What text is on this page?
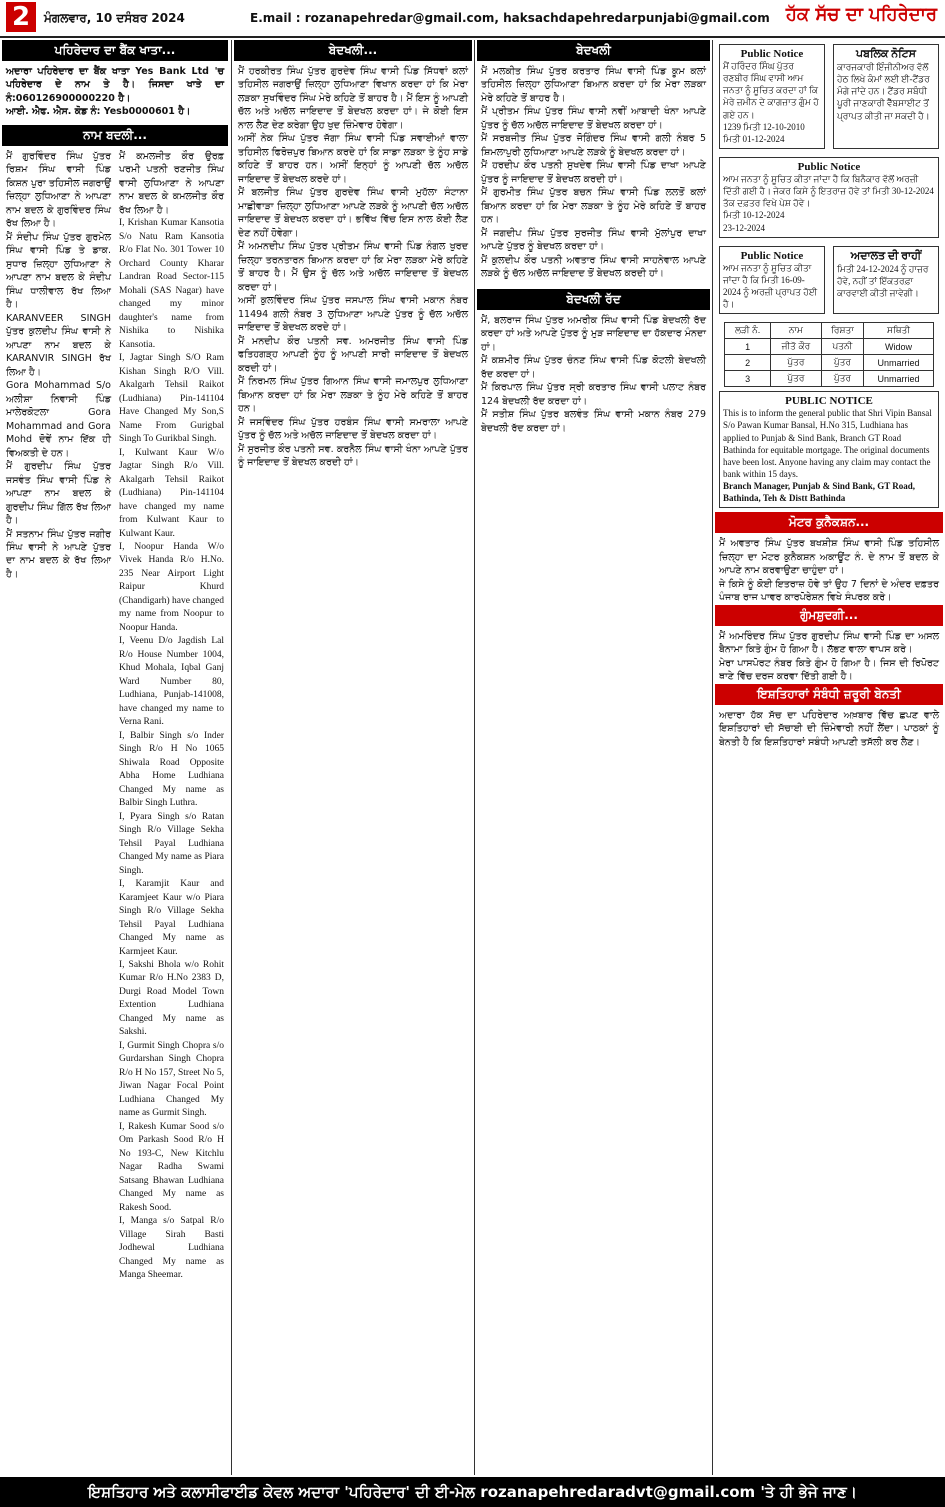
2	ਮੰਗਲਵਾਰ, 10 ਦਸੰਬਰ 2024	E.mail : rozanapehredar@gmail.com, haksachdapehredarpunjabi@gmail.com ਹੱਕ ਸੱਚ ਦਾ ਪਹਿਰੇਦਾਰ
ਪਹਿਰੇਦਾਰ ਦਾ ਬੈਂਕ ਖਾਤਾ...
ਅਦਾਰਾ ਪਹਿਰੇਦਾਰ ਦਾ ਬੈਂਕ ਖਾਤਾ Yes Bank Ltd 'ਚ ਪਹਿਰੇਦਾਰ ਦੇ ਨਾਮ ਤੇ ਹੈ। ਜਿਸਦਾ ਖਾਤੇ ਦਾ ਨੰ:060126900000220 ਹੈ।
ਆਈ. ਐਫ. ਐਸ. ਕੋਡ ਨੰ: Yesb0000601 ਹੈ।
ਨਾਮ ਬਦਲੀ...

ਮੈਂ ਗੁਰਵਿੰਦਰ ਸਿੰਘ ਪੁੱਤਰ ਰਿਸ਼ਮ ਸਿੰਘ ਵਾਸੀ ਪਿੰਡ ਕਿਸ਼ਨ ਪੁਰਾ ਤਹਿਸੀਲ ਜਗਰਾਉਂ ਜ਼ਿਲ੍ਹਾ ਲੁਧਿਆਣਾ ਨੇ ਆਪਣਾ ਨਾਮ ਬਦਲ ਕੇ ਗੁਰਵਿੰਦਰ ਸਿੰਘ ਰੱਖ ਲਿਆ ਹੈ।

ਮੈਂ ਸੰਦੀਪ ਸਿੰਘ ਪੁੱਤਰ ਗੁਰਮੇਲ ਸਿੰਘ ਵਾਸੀ ਪਿੰਡ ਤੇ ਡਾਕ. ਸੁਧਾਰ ਜ਼ਿਲ੍ਹਾ ਲੁਧਿਆਣਾ ਨੇ ਆਪਣਾ ਨਾਮ ਬਦਲ ਕੇ ਸੰਦੀਪ ਸਿੰਘ ਧਾਲੀਵਾਲ ਰੱਖ ਲਿਆ ਹੈ।

KARANVEER SINGH ਪੁੱਤਰ ਕੁਲਦੀਪ ਸਿੰਘ ਵਾਸੀ ਨੇ ਆਪਣਾ ਨਾਮ ਬਦਲ ਕੇ KARANVIR SINGH ਰੱਖ ਲਿਆ ਹੈ।

Gora Mohammad S/o ਅਲੀਸ਼ਾ ਨਿਵਾਸੀ ਪਿੰਡ ਮਾਲੇਰਕੋਟਲਾ Gora Mohammad and Gora Mohd ਦੋਵੇਂ ਨਾਮ ਇੱਕ ਹੀ ਵਿਅਕਤੀ ਦੇ ਹਨ।

ਮੈਂ ਗੁਰਦੀਪ ਸਿੰਘ ਪੁੱਤਰ ਜਸਵੰਤ ਸਿੰਘ ਵਾਸੀ ਪਿੰਡ ਨੇ ਆਪਣਾ ਨਾਮ ਬਦਲ ਕੇ ਗੁਰਦੀਪ ਸਿੰਘ ਗਿੱਲ ਰੱਖ ਲਿਆ ਹੈ।

ਮੈਂ ਸਤਨਾਮ ਸਿੰਘ ਪੁੱਤਰ ਜਗੀਰ ਸਿੰਘ ਵਾਸੀ ਨੇ ਆਪਣੇ ਪੁੱਤਰ ਦਾ ਨਾਮ ਬਦਲ ਕੇ ਰੱਖ ਲਿਆ ਹੈ।

ਮੈਂ ਕਮਲਜੀਤ ਕੌਰ ਉਰਫ਼ ਪਰਮੀ ਪਤਨੀ ਰਣਜੀਤ ਸਿੰਘ ਵਾਸੀ ਲੁਧਿਆਣਾ ਨੇ ਆਪਣਾ ਨਾਮ ਬਦਲ ਕੇ ਕਮਲਜੀਤ ਕੌਰ ਰੱਖ ਲਿਆ ਹੈ।

I, Krishan Kumar Kansotia S/o Natu Ram Kansotia R/o Flat No. 301 Tower 10 Orchard County Kharar Landran Road Sector-115 Mohali (SAS Nagar) have changed my minor daughter's name from Nishika to Nishika Kansotia.

I, Jagtar Singh S/O Ram Kishan Singh R/O Vill. Akalgarh Tehsil Raikot (Ludhiana) Pin-141104 Have Changed My Son,S Name From Gurigbal Singh To Gurikbal Singh.

I, Kulwant Kaur W/o Jagtar Singh R/o Vill. Akalgarh Tehsil Raikot (Ludhiana) Pin-141104 have changed my name from Kulwant Kaur to Kulwant Kaur.

I, Noopur Handa W/o Vivek Handa R/o H.No. 235 Near Airport Light Raipur Khurd (Chandigarh) have changed my name from Noopur to Noopur Handa.

I, Veenu D/o Jagdish Lal R/o House Number 1004, Khud Mohala, Iqbal Ganj Ward Number 80, Ludhiana, Punjab-141008, have changed my name to Verna Rani.

I, Balbir Singh s/o Inder Singh R/o H No 1065 Shiwala Road Opposite Abha Home Ludhiana Changed My name as Balbir Singh Luthra.

I, Pyara Singh s/o Ratan Singh R/o Village Sekha Tehsil Payal Ludhiana Changed My name as Piara Singh.

I, Karamjit Kaur and Karamjeet Kaur w/o Piara Singh R/o Village Sekha Tehsil Payal Ludhiana Changed My name as Karmjeet Kaur.

I, Sakshi Bhola w/o Rohit Kumar R/o H.No 2383 D, Durgi Road Model Town Extention Ludhiana Changed My name as Sakshi.

I, Gurmit Singh Chopra s/o Gurdarshan Singh Chopra R/o H No 157, Street No 5, Jiwan Nagar Focal Point Ludhiana Changed My name as Gurmit Singh.

I, Rakesh Kumar Sood s/o Om Parkash Sood R/o H No 193-C, New Kitchlu Nagar Radha Swami Satsang Bhawan Ludhiana Changed My name as Rakesh Sood.

I, Manga s/o Satpal R/o Village Sirah Basti Jodhewal Ludhiana Changed My name as Manga Sheemar.

ਬੇਦਖਲੀ...

ਮੈਂ ਹਰਕੀਰਤ ਸਿੰਘ ਪੁੱਤਰ ਗੁਰਦੇਵ ਸਿੰਘ ਵਾਸੀ ਪਿੰਡ ਸਿੱਧਵਾਂ ਕਲਾਂ ਤਹਿਸੀਲ ਜਗਰਾਉਂ ਜ਼ਿਲ੍ਹਾ ਲੁਧਿਆਣਾ ਵਿਖਾਨ ਕਰਦਾ ਹਾਂ ਕਿ ਮੇਰਾ ਲੜਕਾ ਸੁਖਵਿੰਦਰ ਸਿੰਘ ਮੇਰੇ ਕਹਿਣੇ ਤੋਂ ਬਾਹਰ ਹੈ। ਮੈਂ ਇਸ ਨੂੰ ਆਪਣੀ ਚੱਲ ਅਤੇ ਅਚੱਲ ਜਾਇਦਾਦ ਤੋਂ ਬੇਦਖਲ ਕਰਦਾ ਹਾਂ। ਜੇ ਕੋਈ ਇਸ ਨਾਲ ਲੈਣ ਦੇਣ ਕਰੇਗਾ ਉਹ ਖੁਦ ਜ਼ਿੰਮੇਵਾਰ ਹੋਵੇਗਾ।

ਅਸੀਂ ਨੇਕ ਸਿੰਘ ਪੁੱਤਰ ਜੱਗਾ ਸਿੰਘ ਵਾਸੀ ਪਿੰਡ ਸਵਾਈਆਂ ਵਾਲਾ ਤਹਿਸੀਲ ਫਿਰੋਜ਼ਪੁਰ ਬਿਆਨ ਕਰਦੇ ਹਾਂ ਕਿ ਸਾਡਾ ਲੜਕਾ ਤੇ ਨੂੰਹ ਸਾਡੇ ਕਹਿਣੇ ਤੋਂ ਬਾਹਰ ਹਨ। ਅਸੀਂ ਇਨ੍ਹਾਂ ਨੂੰ ਆਪਣੀ ਚੱਲ ਅਚੱਲ ਜਾਇਦਾਦ ਤੋਂ ਬੇਦਖਲ ਕਰਦੇ ਹਾਂ।

ਮੈਂ ਬਲਜੀਤ ਸਿੰਘ ਪੁੱਤਰ ਗੁਰਦੇਵ ਸਿੰਘ ਵਾਸੀ ਮੁਹੱਲਾ ਸੰਟਾਨਾ ਮਾਛੀਵਾੜਾ ਜ਼ਿਲ੍ਹਾ ਲੁਧਿਆਣਾ ਆਪਣੇ ਲੜਕੇ ਨੂੰ ਆਪਣੀ ਚੱਲ ਅਚੱਲ ਜਾਇਦਾਦ ਤੋਂ ਬੇਦਖਲ ਕਰਦਾ ਹਾਂ। ਭਵਿੱਖ ਵਿੱਚ ਇਸ ਨਾਲ ਕੋਈ ਲੈਣ ਦੇਣ ਨਹੀਂ ਹੋਵੇਗਾ।

ਮੈਂ ਅਮਨਦੀਪ ਸਿੰਘ ਪੁੱਤਰ ਪ੍ਰੀਤਮ ਸਿੰਘ ਵਾਸੀ ਪਿੰਡ ਨੰਗਲ ਖੁਰਦ ਜ਼ਿਲ੍ਹਾ ਤਰਨਤਾਰਨ ਬਿਆਨ ਕਰਦਾ ਹਾਂ ਕਿ ਮੇਰਾ ਲੜਕਾ ਮੇਰੇ ਕਹਿਣੇ ਤੋਂ ਬਾਹਰ ਹੈ। ਮੈਂ ਉਸ ਨੂੰ ਚੱਲ ਅਤੇ ਅਚੱਲ ਜਾਇਦਾਦ ਤੋਂ ਬੇਦਖਲ ਕਰਦਾ ਹਾਂ।

ਅਸੀਂ ਕੁਲਵਿੰਦਰ ਸਿੰਘ ਪੁੱਤਰ ਜਸਪਾਲ ਸਿੰਘ ਵਾਸੀ ਮਕਾਨ ਨੰਬਰ 11494 ਗਲੀ ਨੰਬਰ 3 ਲੁਧਿਆਣਾ ਆਪਣੇ ਪੁੱਤਰ ਨੂੰ ਚੱਲ ਅਚੱਲ ਜਾਇਦਾਦ ਤੋਂ ਬੇਦਖਲ ਕਰਦੇ ਹਾਂ।

ਮੈਂ ਮਨਦੀਪ ਕੌਰ ਪਤਨੀ ਸਵ. ਅਮਰਜੀਤ ਸਿੰਘ ਵਾਸੀ ਪਿੰਡ ਫਤਿਹਗੜ੍ਹ ਆਪਣੀ ਨੂੰਹ ਨੂੰ ਆਪਣੀ ਸਾਰੀ ਜਾਇਦਾਦ ਤੋਂ ਬੇਦਖਲ ਕਰਦੀ ਹਾਂ।

ਮੈਂ ਨਿਰਮਲ ਸਿੰਘ ਪੁੱਤਰ ਗਿਆਨ ਸਿੰਘ ਵਾਸੀ ਜਮਾਲਪੁਰ ਲੁਧਿਆਣਾ ਬਿਆਨ ਕਰਦਾ ਹਾਂ ਕਿ ਮੇਰਾ ਲੜਕਾ ਤੇ ਨੂੰਹ ਮੇਰੇ ਕਹਿਣੇ ਤੋਂ ਬਾਹਰ ਹਨ।

ਮੈਂ ਜਸਵਿੰਦਰ ਸਿੰਘ ਪੁੱਤਰ ਹਰਬੰਸ ਸਿੰਘ ਵਾਸੀ ਸਮਰਾਲਾ ਆਪਣੇ ਪੁੱਤਰ ਨੂੰ ਚੱਲ ਅਤੇ ਅਚੱਲ ਜਾਇਦਾਦ ਤੋਂ ਬੇਦਖਲ ਕਰਦਾ ਹਾਂ।

ਮੈਂ ਸੁਰਜੀਤ ਕੌਰ ਪਤਨੀ ਸਵ. ਕਰਨੈਲ ਸਿੰਘ ਵਾਸੀ ਖੰਨਾ ਆਪਣੇ ਪੁੱਤਰ ਨੂੰ ਜਾਇਦਾਦ ਤੋਂ ਬੇਦਖਲ ਕਰਦੀ ਹਾਂ।

ਬੇਦਖਲੀ

ਮੈਂ ਮਲਕੀਤ ਸਿੰਘ ਪੁੱਤਰ ਕਰਤਾਰ ਸਿੰਘ ਵਾਸੀ ਪਿੰਡ ਕੂਮ ਕਲਾਂ ਤਹਿਸੀਲ ਜ਼ਿਲ੍ਹਾ ਲੁਧਿਆਣਾ ਬਿਆਨ ਕਰਦਾ ਹਾਂ ਕਿ ਮੇਰਾ ਲੜਕਾ ਮੇਰੇ ਕਹਿਣੇ ਤੋਂ ਬਾਹਰ ਹੈ।

ਮੈਂ ਪ੍ਰੀਤਮ ਸਿੰਘ ਪੁੱਤਰ ਸਿੰਘ ਵਾਸੀ ਨਵੀਂ ਆਬਾਦੀ ਖੰਨਾ ਆਪਣੇ ਪੁੱਤਰ ਨੂੰ ਚੱਲ ਅਚੱਲ ਜਾਇਦਾਦ ਤੋਂ ਬੇਦਖਲ ਕਰਦਾ ਹਾਂ।

ਮੈਂ ਸਰਬਜੀਤ ਸਿੰਘ ਪੁੱਤਰ ਜੋਗਿੰਦਰ ਸਿੰਘ ਵਾਸੀ ਗਲੀ ਨੰਬਰ 5 ਸ਼ਿਮਲਾਪੁਰੀ ਲੁਧਿਆਣਾ ਆਪਣੇ ਲੜਕੇ ਨੂੰ ਬੇਦਖਲ ਕਰਦਾ ਹਾਂ।

ਮੈਂ ਹਰਦੀਪ ਕੌਰ ਪਤਨੀ ਸੁਖਦੇਵ ਸਿੰਘ ਵਾਸੀ ਪਿੰਡ ਦਾਖਾ ਆਪਣੇ ਪੁੱਤਰ ਨੂੰ ਜਾਇਦਾਦ ਤੋਂ ਬੇਦਖਲ ਕਰਦੀ ਹਾਂ।

ਮੈਂ ਗੁਰਮੀਤ ਸਿੰਘ ਪੁੱਤਰ ਬਚਨ ਸਿੰਘ ਵਾਸੀ ਪਿੰਡ ਲਲਤੋਂ ਕਲਾਂ ਬਿਆਨ ਕਰਦਾ ਹਾਂ ਕਿ ਮੇਰਾ ਲੜਕਾ ਤੇ ਨੂੰਹ ਮੇਰੇ ਕਹਿਣੇ ਤੋਂ ਬਾਹਰ ਹਨ।

ਮੈਂ ਜਗਦੀਪ ਸਿੰਘ ਪੁੱਤਰ ਸੁਰਜੀਤ ਸਿੰਘ ਵਾਸੀ ਮੁੱਲਾਂਪੁਰ ਦਾਖਾ ਆਪਣੇ ਪੁੱਤਰ ਨੂੰ ਬੇਦਖਲ ਕਰਦਾ ਹਾਂ।

ਮੈਂ ਕੁਲਦੀਪ ਕੌਰ ਪਤਨੀ ਅਵਤਾਰ ਸਿੰਘ ਵਾਸੀ ਸਾਹਨੇਵਾਲ ਆਪਣੇ ਲੜਕੇ ਨੂੰ ਚੱਲ ਅਚੱਲ ਜਾਇਦਾਦ ਤੋਂ ਬੇਦਖਲ ਕਰਦੀ ਹਾਂ।

ਬੇਦਖਲੀ ਰੱਦ

ਮੈਂ, ਬਲਰਾਜ ਸਿੰਘ ਪੁੱਤਰ ਅਮਰੀਕ ਸਿੰਘ ਵਾਸੀ ਪਿੰਡ ਬੇਦਖਲੀ ਰੱਦ ਕਰਦਾ ਹਾਂ ਅਤੇ ਆਪਣੇ ਪੁੱਤਰ ਨੂੰ ਮੁੜ ਜਾਇਦਾਦ ਦਾ ਹੱਕਦਾਰ ਮੰਨਦਾ ਹਾਂ।

ਮੈਂ ਕਸ਼ਮੀਰ ਸਿੰਘ ਪੁੱਤਰ ਚੰਨਣ ਸਿੰਘ ਵਾਸੀ ਪਿੰਡ ਕੋਟਲੀ ਬੇਦਖਲੀ ਰੱਦ ਕਰਦਾ ਹਾਂ।

ਮੈਂ ਕਿਰਪਾਲ ਸਿੰਘ ਪੁੱਤਰ ਸ੍ਰੀ ਕਰਤਾਰ ਸਿੰਘ ਵਾਸੀ ਪਲਾਟ ਨੰਬਰ 124 ਬੇਦਖਲੀ ਰੱਦ ਕਰਦਾ ਹਾਂ।

ਮੈਂ ਸਤੀਸ਼ ਸਿੰਘ ਪੁੱਤਰ ਬਲਵੰਤ ਸਿੰਘ ਵਾਸੀ ਮਕਾਨ ਨੰਬਰ 279 ਬੇਦਖਲੀ ਰੱਦ ਕਰਦਾ ਹਾਂ।

Public Notice
ਮੈਂ ਹਰਿੰਦਰ ਸਿੰਘ ਪੁੱਤਰ ਰਣਬੀਰ ਸਿੰਘ ਵਾਸੀ ਆਮ ਜਨਤਾ ਨੂੰ ਸੂਚਿਤ ਕਰਦਾ ਹਾਂ ਕਿ ਮੇਰੇ ਜ਼ਮੀਨ ਦੇ ਕਾਗਜ਼ਾਤ ਗੁੰਮ ਹੋ ਗਏ ਹਨ।
1239 ਮਿਤੀ 12-10-2010
ਮਿਤੀ 01-12-2024
ਪਬਲਿਕ ਨੋਟਿਸ
ਕਾਰਜਕਾਰੀ ਇੰਜੀਨੀਅਰ ਵੱਲੋਂ ਹੇਠ ਲਿਖੇ ਕੰਮਾਂ ਲਈ ਈ-ਟੈਂਡਰ ਮੰਗੇ ਜਾਂਦੇ ਹਨ। ਟੈਂਡਰ ਸਬੰਧੀ ਪੂਰੀ ਜਾਣਕਾਰੀ ਵੈੱਬਸਾਈਟ ਤੋਂ ਪ੍ਰਾਪਤ ਕੀਤੀ ਜਾ ਸਕਦੀ ਹੈ।
Public Notice
ਆਮ ਜਨਤਾ ਨੂੰ ਸੂਚਿਤ ਕੀਤਾ ਜਾਂਦਾ ਹੈ ਕਿ ਬਿਨੈਕਾਰ ਵੱਲੋਂ ਅਰਜ਼ੀ ਦਿੱਤੀ ਗਈ ਹੈ। ਜੇਕਰ ਕਿਸੇ ਨੂੰ ਇਤਰਾਜ਼ ਹੋਵੇ ਤਾਂ ਮਿਤੀ 30-12-2024 ਤੱਕ ਦਫ਼ਤਰ ਵਿਖੇ ਪੇਸ਼ ਹੋਵੇ।
ਮਿਤੀ 10-12-2024
23-12-2024
Public Notice
ਆਮ ਜਨਤਾ ਨੂੰ ਸੂਚਿਤ ਕੀਤਾ ਜਾਂਦਾ ਹੈ ਕਿ ਮਿਤੀ 16-09-2024 ਨੂੰ ਅਰਜ਼ੀ ਪ੍ਰਾਪਤ ਹੋਈ ਹੈ।
ਅਦਾਲਤ ਦੀ ਰਾਹੀਂ
ਮਿਤੀ 24-12-2024 ਨੂੰ ਹਾਜ਼ਰ ਹੋਵੇ, ਨਹੀਂ ਤਾਂ ਇੱਕਤਰਫ਼ਾ ਕਾਰਵਾਈ ਕੀਤੀ ਜਾਵੇਗੀ।
ਲੜੀ ਨੰ.	ਨਾਮ	ਰਿਸ਼ਤਾ	ਸਥਿਤੀ
1	ਜੀਤੋ ਕੌਰ	ਪਤਨੀ	Widow
2	ਪੁੱਤਰ	ਪੁੱਤਰ	Unmarried
3	ਪੁੱਤਰ	ਪੁੱਤਰ	Unmarried
PUBLIC NOTICE
This is to inform the general public that Shri Vipin Bansal S/o Pawan Kumar Bansal, H.No 315, Ludhiana has applied to Punjab & Sind Bank, Branch GT Road Bathinda for equitable mortgage. The original documents have been lost. Anyone having any claim may contact the bank within 15 days.
Branch Manager, Punjab & Sind Bank, GT Road, Bathinda, Teh & Distt Bathinda
ਮੋਟਰ ਕੁਨੈਕਸ਼ਨ...

ਮੈਂ ਅਵਤਾਰ ਸਿੰਘ ਪੁੱਤਰ ਬਖਸ਼ੀਸ਼ ਸਿੰਘ ਵਾਸੀ ਪਿੰਡ ਤਹਿਸੀਲ ਜ਼ਿਲ੍ਹਾ ਦਾ ਮੋਟਰ ਕੁਨੈਕਸ਼ਨ ਅਕਾਊਂਟ ਨੰ. ਦੇ ਨਾਮ ਤੋਂ ਬਦਲ ਕੇ ਆਪਣੇ ਨਾਮ ਕਰਵਾਉਣਾ ਚਾਹੁੰਦਾ ਹਾਂ।

ਜੇ ਕਿਸੇ ਨੂੰ ਕੋਈ ਇਤਰਾਜ਼ ਹੋਵੇ ਤਾਂ ਉਹ 7 ਦਿਨਾਂ ਦੇ ਅੰਦਰ ਦਫ਼ਤਰ ਪੰਜਾਬ ਰਾਜ ਪਾਵਰ ਕਾਰਪੋਰੇਸ਼ਨ ਵਿਖੇ ਸੰਪਰਕ ਕਰੇ।

ਗੁੰਮਸ਼ੁਦਗੀ...

ਮੈਂ ਅਮਰਿੰਦਰ ਸਿੰਘ ਪੁੱਤਰ ਗੁਰਦੀਪ ਸਿੰਘ ਵਾਸੀ ਪਿੰਡ ਦਾ ਅਸਲ ਬੈਨਾਮਾ ਕਿਤੇ ਗੁੰਮ ਹੋ ਗਿਆ ਹੈ। ਲੱਭਣ ਵਾਲਾ ਵਾਪਸ ਕਰੇ।

ਮੇਰਾ ਪਾਸਪੋਰਟ ਨੰਬਰ ਕਿਤੇ ਗੁੰਮ ਹੋ ਗਿਆ ਹੈ। ਜਿਸ ਦੀ ਰਿਪੋਰਟ ਥਾਣੇ ਵਿੱਚ ਦਰਜ ਕਰਵਾ ਦਿੱਤੀ ਗਈ ਹੈ।

ਇਸ਼ਤਿਹਾਰਾਂ ਸੰਬੰਧੀ ਜ਼ਰੂਰੀ ਬੇਨਤੀ

ਅਦਾਰਾ ਹੱਕ ਸੱਚ ਦਾ ਪਹਿਰੇਦਾਰ ਅਖ਼ਬਾਰ ਵਿੱਚ ਛਪਣ ਵਾਲੇ ਇਸ਼ਤਿਹਾਰਾਂ ਦੀ ਸੱਚਾਈ ਦੀ ਜ਼ਿੰਮੇਵਾਰੀ ਨਹੀਂ ਲੈਂਦਾ। ਪਾਠਕਾਂ ਨੂੰ ਬੇਨਤੀ ਹੈ ਕਿ ਇਸ਼ਤਿਹਾਰਾਂ ਸਬੰਧੀ ਆਪਣੀ ਤਸੱਲੀ ਕਰ ਲੈਣ।

ਇਸ਼ਤਿਹਾਰ ਅਤੇ ਕਲਾਸੀਫਾਈਡ ਕੇਵਲ ਅਦਾਰਾ 'ਪਹਿਰੇਦਾਰ' ਦੀ ਈ-ਮੇਲ rozanapehredaradvt@gmail.com 'ਤੇ ਹੀ ਭੇਜੇ ਜਾਣ।
